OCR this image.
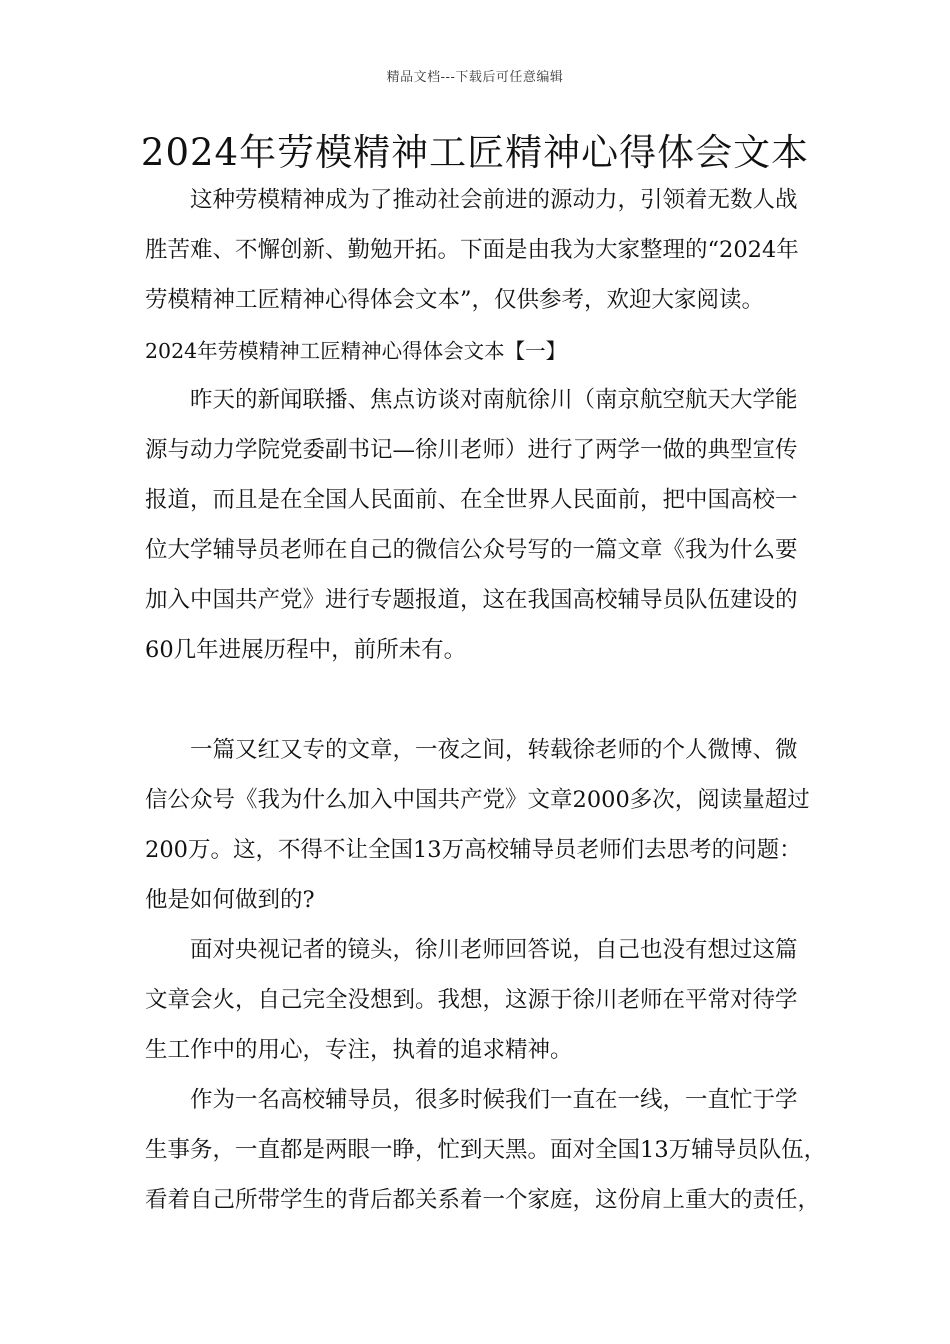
精品文档---下载后可任意编辑
2024年劳模精神工匠精神心得体会文本
这种劳模精神成为了推动社会前进的源动力，引领着无数人战
胜苦难、不懈创新、勤勉开拓。下面是由我为大家整理的“2024年
劳模精神工匠精神心得体会文本”，仅供参考，欢迎大家阅读。
2024年劳模精神工匠精神心得体会文本【一】
昨天的新闻联播、焦点访谈对南航徐川（南京航空航天大学能
源与动力学院党委副书记—徐川老师）进行了两学一做的典型宣传
报道，而且是在全国人民面前、在全世界人民面前，把中国高校一
位大学辅导员老师在自己的微信公众号写的一篇文章《我为什么要
加入中国共产党》进行专题报道，这在我国高校辅导员队伍建设的
60几年进展历程中，前所未有。
一篇又红又专的文章，一夜之间，转载徐老师的个人微博、微
信公众号《我为什么加入中国共产党》文章2000多次，阅读量超过
200万。这，不得不让全国13万高校辅导员老师们去思考的问题：
他是如何做到的?
面对央视记者的镜头，徐川老师回答说，自己也没有想过这篇
文章会火，自己完全没想到。我想，这源于徐川老师在平常对待学
生工作中的用心，专注，执着的追求精神。
作为一名高校辅导员，很多时候我们一直在一线，一直忙于学
生事务，一直都是两眼一睁，忙到天黑。面对全国13万辅导员队伍，
看着自己所带学生的背后都关系着一个家庭，这份肩上重大的责任，
